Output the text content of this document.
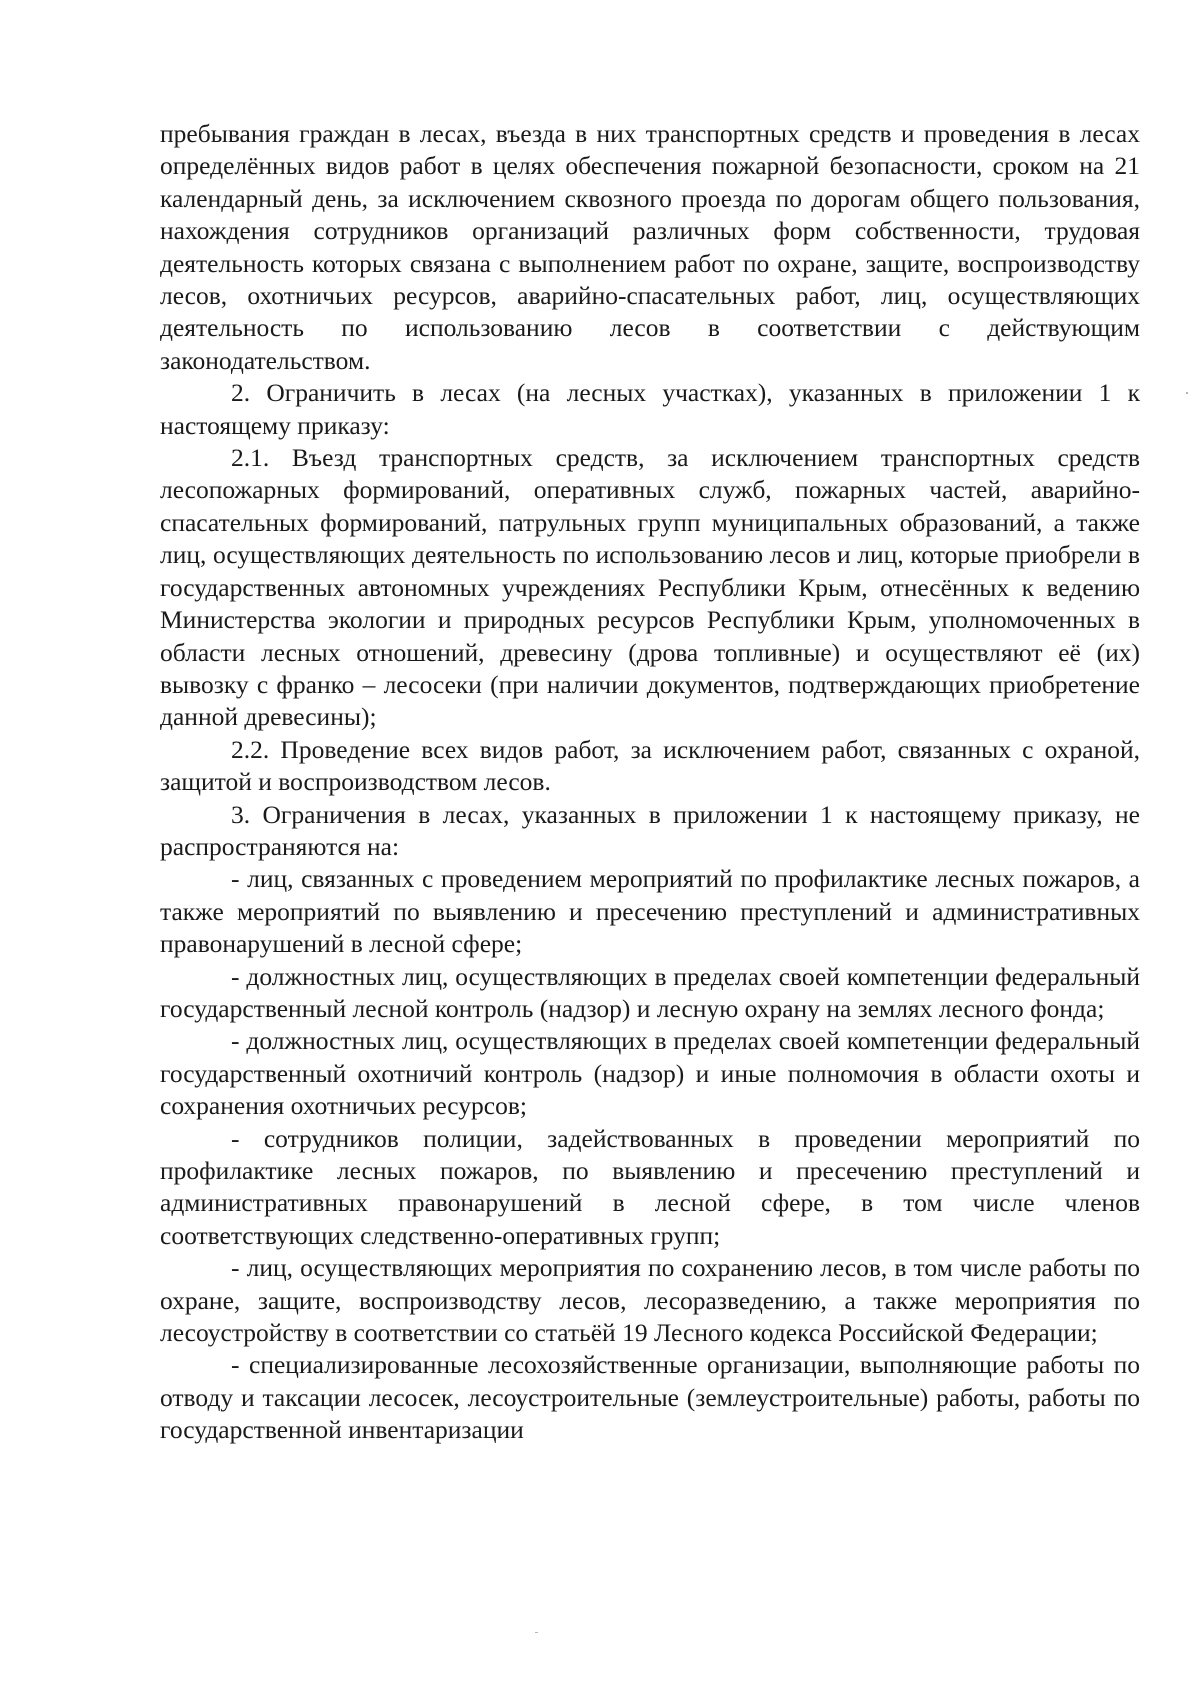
пребывания граждан в лесах, въезда в них транспортных средств и проведения в лесах определённых видов работ в целях обеспечения пожарной безопасности, сроком на 21 календарный день, за исключением сквозного проезда по дорогам общего пользования, нахождения сотрудников организаций различных форм собственности, трудовая деятельность которых связана с выполнением работ по охране, защите, воспроизводству лесов, охотничьих ресурсов, аварийно-спасательных работ, лиц, осуществляющих деятельность по использованию лесов в соответствии с действующим законодательством.

2. Ограничить в лесах (на лесных участках), указанных в приложении 1 к настоящему приказу:

2.1. Въезд транспортных средств, за исключением транспортных средств лесопожарных формирований, оперативных служб, пожарных частей, аварийно-спасательных формирований, патрульных групп муниципальных образований, а также лиц, осуществляющих деятельность по использованию лесов и лиц, которые приобрели в государственных автономных учреждениях Республики Крым, отнесённых к ведению Министерства экологии и природных ресурсов Республики Крым, уполномоченных в области лесных отношений, древесину (дрова топливные) и осуществляют её (их) вывозку с франко – лесосеки (при наличии документов, подтверждающих приобретение данной древесины);

2.2. Проведение всех видов работ, за исключением работ, связанных с охраной, защитой и воспроизводством лесов.

3. Ограничения в лесах, указанных в приложении 1 к настоящему приказу, не распространяются на:

- лиц, связанных с проведением мероприятий по профилактике лесных пожаров, а также мероприятий по выявлению и пресечению преступлений и административных правонарушений в лесной сфере;

- должностных лиц, осуществляющих в пределах своей компетенции федеральный государственный лесной контроль (надзор) и лесную охрану на землях лесного фонда;

- должностных лиц, осуществляющих в пределах своей компетенции федеральный государственный охотничий контроль (надзор) и иные полномочия в области охоты и сохранения охотничьих ресурсов;

- сотрудников полиции, задействованных в проведении мероприятий по профилактике лесных пожаров, по выявлению и пресечению преступлений и административных правонарушений в лесной сфере, в том числе членов соответствующих следственно-оперативных групп;

- лиц, осуществляющих мероприятия по сохранению лесов, в том числе работы по охране, защите, воспроизводству лесов, лесоразведению, а также мероприятия по лесоустройству в соответствии со статьёй 19 Лесного кодекса Российской Федерации;

- специализированные лесохозяйственные организации, выполняющие работы по отводу и таксации лесосек, лесоустроительные (землеустроительные) работы, работы по государственной инвентаризации
